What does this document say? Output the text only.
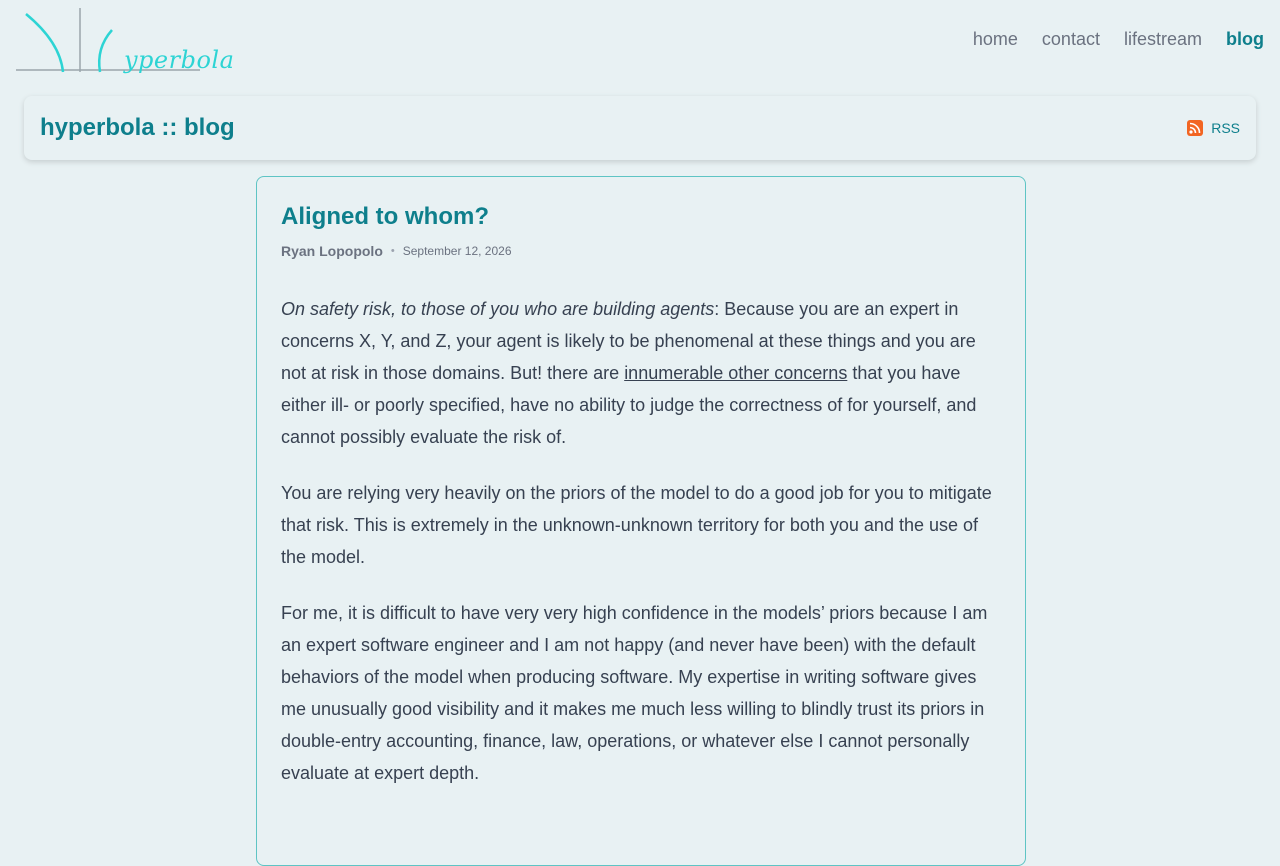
yperbola
home contact lifestream blog
hyperbola :: blog	RSS
Aligned to whom?
Ryan Lopopolo • September 12, 2026

On safety risk, to those of you who are building agents: Because you are an expert in concerns X, Y, and Z, your agent is likely to be phenomenal at these things and you are not at risk in those domains. But! there are innumerable other concerns that you have either ill- or poorly specified, have no ability to judge the correctness of for yourself, and cannot possibly evaluate the risk of.

You are relying very heavily on the priors of the model to do a good job for you to mitigate that risk. This is extremely in the unknown-unknown territory for both you and the use of the model.

For me, it is difficult to have very very high confidence in the models’ priors because I am an expert software engineer and I am not happy (and never have been) with the default behaviors of the model when producing software. My expertise in writing software gives me unusually good visibility and it makes me much less willing to blindly trust its priors in double-entry accounting, finance, law, operations, or whatever else I cannot personally evaluate at expert depth.
